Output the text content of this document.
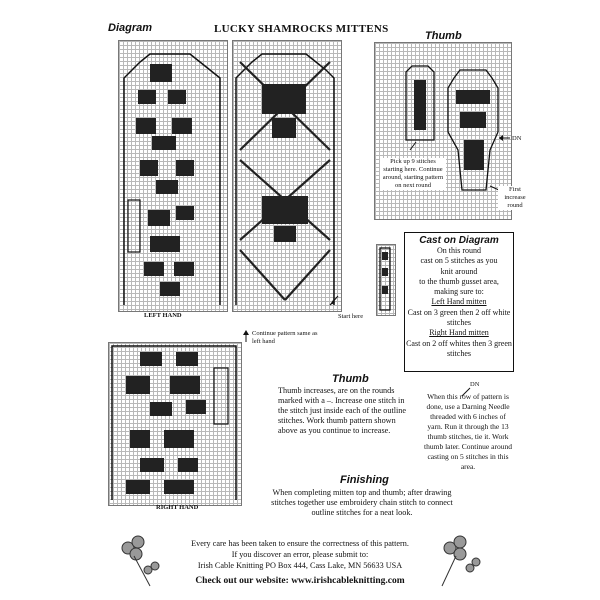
Diagram	LUCKY SHAMROCKS MITTENS
Thumb
LEFT HAND	Start here
Continue pattern same as left hand
DN
Pick up 9 stitches starting here. Continue around, starting pattern on next round
First increase round
Cast on Diagram
On this round
cast on 5 stitches as you
knit around
to the thumb gusset area,
making sure to:
Left Hand mitten
Cast on 3 green then 2 off white stitches
Right Hand mitten
Cast on 2 off whites then 3 green stitches
RIGHT HAND
Thumb
Thumb increases, are on the rounds marked with a –. Increase one stitch in the stitch just inside each of the outline stitches. Work thumb pattern shown above as you continue to increase.
DN
When this row of pattern is done, use a Darning Needle threaded with 6 inches of yarn. Run it through the 13 thumb stitches, tie it. Work thumb later. Continue around casting on 5 stitches in this area.
Finishing
When completing mitten top and thumb; after drawing stitches together use embroidery chain stitch to connect outline stitches for a neat look.
Every care has been taken to ensure the correctness of this pattern.
If you discover an error, please submit to:
Irish Cable Knitting PO Box 444, Cass Lake, MN 56633 USA
Check out our website: www.irishcableknitting.com
